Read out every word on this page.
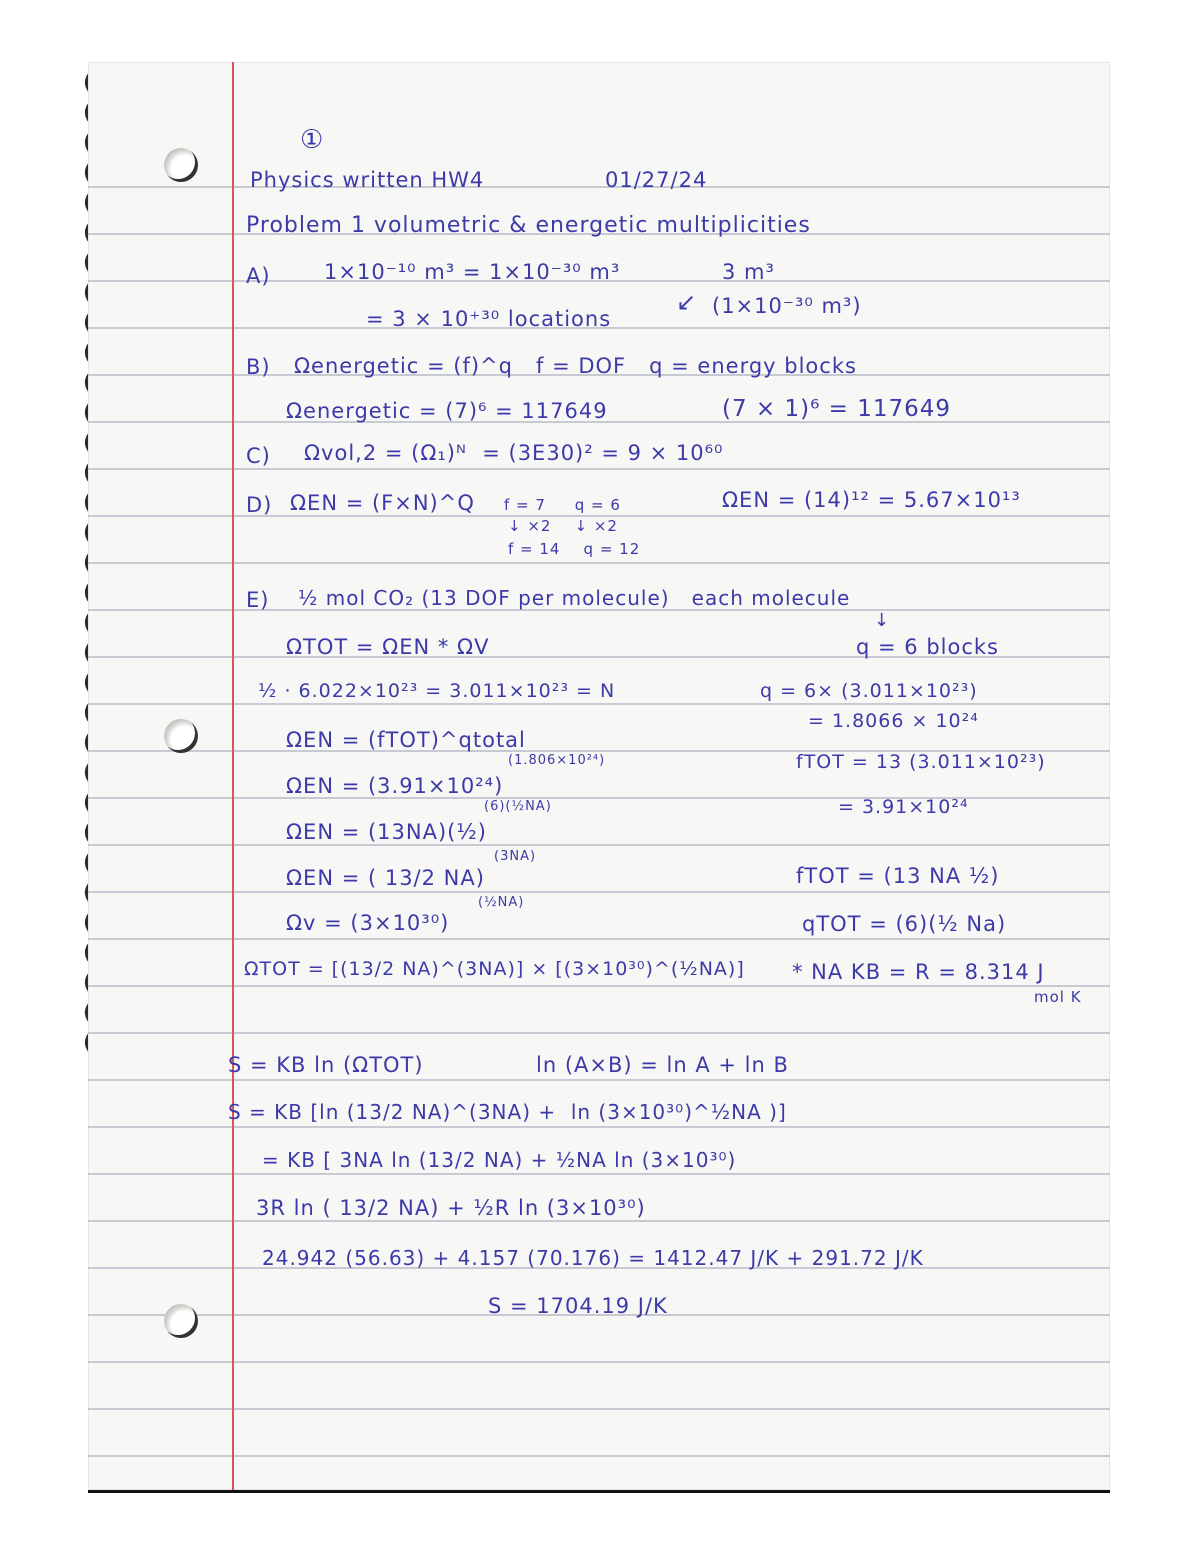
①
Physics written HW4	01/27/24
Problem 1 volumetric & energetic multiplicities
A)	1×10⁻¹⁰ m³ = 1×10⁻³⁰ m³	3 m³
(1×10⁻³⁰ m³)
= 3 × 10⁺³⁰ locations
↙
B) Ωenergetic = (f)^q   f = DOF   q = energy blocks
Ωenergetic = (7)⁶ = 117649	(7 × 1)⁶ = 117649
C) Ωvol,2 = (Ω₁)ᴺ  = (3E30)² = 9 × 10⁶⁰
D) ΩEN = (F×N)^Q f = 7     q = 6
↓ ×2    ↓ ×2
f = 14    q = 12
ΩEN = (14)¹² = 5.67×10¹³
E) ½ mol CO₂ (13 DOF per molecule)   each molecule
↓
q = 6 blocks
ΩTOT = ΩEN * ΩV
½ · 6.022×10²³ = 3.011×10²³ = N	q = 6× (3.011×10²³)
= 1.8066 × 10²⁴
ΩEN = (fTOT)^qtotal
(1.806×10²⁴)
ΩEN = (3.91×10²⁴)
fTOT = 13 (3.011×10²³)
= 3.91×10²⁴
(6)(½NA)
ΩEN = (13NA)(½)
(3NA)
ΩEN = ( 13/2 NA)	fTOT = (13 NA ½)
(½NA)
Ωv = (3×10³⁰)	qTOT = (6)(½ Na)
ΩTOT = [(13/2 NA)^(3NA)] × [(3×10³⁰)^(½NA)] * NA KB = R = 8.314 J
mol K
S = KB ln (ΩTOT)	ln (A×B) = ln A + ln B
S = KB [ln (13/2 NA)^(3NA) +  ln (3×10³⁰)^½NA )]
= KB [ 3NA ln (13/2 NA) + ½NA ln (3×10³⁰)
3R ln ( 13/2 NA) + ½R ln (3×10³⁰)
24.942 (56.63) + 4.157 (70.176) = 1412.47 J/K + 291.72 J/K
S = 1704.19 J/K
